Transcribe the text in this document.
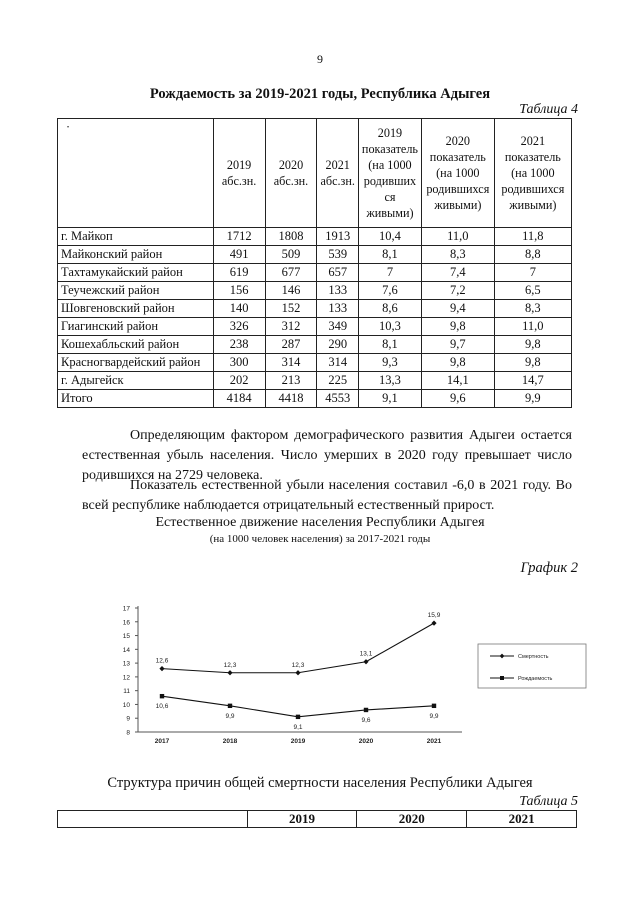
9
Рождаемость за 2019-2021 годы, Республика Адыгея
Таблица 4
·	2019 абс.зн.	2020 абс.зн.	2021 абс.зн.	2019 показатель (на 1000 родивших ся живыми)	2020 показатель (на 1000 родившихся живыми)	2021 показатель (на 1000 родившихся живыми)
г. Майкоп	1712	1808	1913	10,4	11,0	11,8
Майконский район	491	509	539	8,1	8,3	8,8
Тахтамукайский район	619	677	657	7	7,4	7
Теучежский район	156	146	133	7,6	7,2	6,5
Шовгеновский район	140	152	133	8,6	9,4	8,3
Гиагинский район	326	312	349	10,3	9,8	11,0
Кошехабльский район	238	287	290	8,1	9,7	9,8
Красногвардейский район	300	314	314	9,3	9,8	9,8
г. Адыгейск	202	213	225	13,3	14,1	14,7
Итого	4184	4418	4553	9,1	9,6	9,9
Определяющим фактором демографического развития Адыгеи остается естественная убыль населения. Число умерших в 2020 году превышает число родившихся на 2729 человека.
Показатель естественной убыли населения составил -6,0 в 2021 году. Во всей республике наблюдается отрицательный естественный прирост.
Естественное движение населения Республики Адыгея
(на 1000 человек населения) за 2017-2021 годы
График 2
8
9
10
11
12
13
14
15
16
17
2017	2018	2019	2020	2021
12,6
12,3	12,3
13,1
15,9
10,6
9,9
9,1
9,6
9,9
Смертность
Рождаемость
Структура причин общей смертности населения Республики Адыгея
Таблица 5
	2019	2020	2021
